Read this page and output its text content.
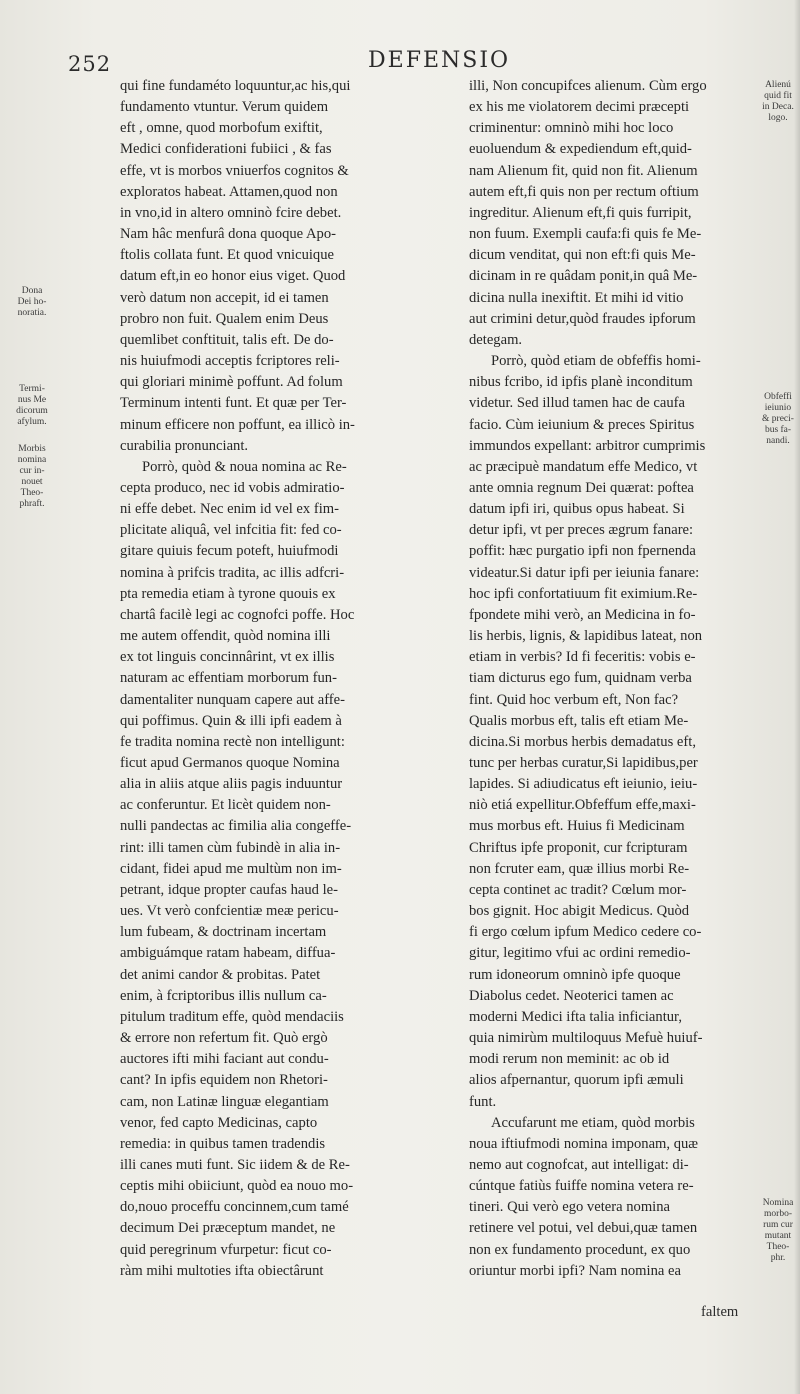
252	DEFENSIO
qui fine fundaméto loquuntur,ac his,qui
fundamento vtuntur. Verum quidem
eft , omne, quod morbofum exiftit,
Medici confiderationi fubiici , & fas
effe, vt is morbos vniuerfos cognitos &
exploratos habeat. Attamen,quod non
in vno,id in altero omninò fcire debet.
Nam hâc menfurâ dona quoque Apo-
ftolis collata funt. Et quod vnicuique
datum eft,in eo honor eius viget. Quod
verò datum non accepit, id ei tamen
probro non fuit. Qualem enim Deus
quemlibet conftituit, talis eft. De do-
nis huiufmodi acceptis fcriptores reli-
qui gloriari minimè poffunt. Ad folum
Terminum intenti funt. Et quæ per Ter-
minum efficere non poffunt, ea illicò in-
curabilia pronunciant.
Porrò, quòd & noua nomina ac Re-
cepta produco, nec id vobis admiratio-
ni effe debet. Nec enim id vel ex fim-
plicitate aliquâ, vel infcitia fit: fed co-
gitare quiuis fecum poteft, huiufmodi
nomina à prifcis tradita, ac illis adfcri-
pta remedia etiam à tyrone quouis ex
chartâ facilè legi ac cognofci poffe. Hoc
me autem offendit, quòd nomina illi
ex tot linguis concinnârint, vt ex illis
naturam ac effentiam morborum fun-
damentaliter nunquam capere aut affe-
qui poffimus. Quin & illi ipfi eadem à
fe tradita nomina rectè non intelligunt:
ficut apud Germanos quoque Nomina
alia in aliis atque aliis pagis induuntur
ac conferuntur. Et licèt quidem non-
nulli pandectas ac fimilia alia congeffe-
rint: illi tamen cùm fubindè in alia in-
cidant, fidei apud me multùm non im-
petrant, idque propter caufas haud le-
ues. Vt verò confcientiæ meæ pericu-
lum fubeam, & doctrinam incertam
ambiguámque ratam habeam, diffua-
det animi candor & probitas. Patet
enim, à fcriptoribus illis nullum ca-
pitulum traditum effe, quòd mendaciis
& errore non refertum fit. Quò ergò
auctores ifti mihi faciant aut condu-
cant? In ipfis equidem non Rhetori-
cam, non Latinæ linguæ elegantiam
venor, fed capto Medicinas, capto
remedia: in quibus tamen tradendis
illi canes muti funt. Sic iidem & de Re-
ceptis mihi obiiciunt, quòd ea nouo mo-
do,nouo proceffu concinnem,cum tamé
decimum Dei præceptum mandet, ne
quid peregrinum vfurpetur: ficut co-
ràm mihi multoties ifta obiectârunt
illi, Non concupifces alienum. Cùm ergo
ex his me violatorem decimi præcepti
criminentur: omninò mihi hoc loco
euoluendum & expediendum eft,quid-
nam Alienum fit, quid non fit. Alienum
autem eft,fi quis non per rectum oftium
ingreditur. Alienum eft,fi quis furripit,
non fuum. Exempli caufa:fi quis fe Me-
dicum venditat, qui non eft:fi quis Me-
dicinam in re quâdam ponit,in quâ Me-
dicina nulla inexiftit. Et mihi id vitio
aut crimini detur,quòd fraudes ipforum
detegam.
Porrò, quòd etiam de obfeffis homi-
nibus fcribo, id ipfis planè inconditum
videtur. Sed illud tamen hac de caufa
facio. Cùm ieiunium & preces Spiritus
immundos expellant: arbitror cumprimis
ac præcipuè mandatum effe Medico, vt
ante omnia regnum Dei quærat: poftea
datum ipfi iri, quibus opus habeat. Si
detur ipfi, vt per preces ægrum fanare:
poffit: hæc purgatio ipfi non fpernenda
videatur.Si datur ipfi per ieiunia fanare:
hoc ipfi confortatiuum fit eximium.Re-
fpondete mihi verò, an Medicina in fo-
lis herbis, lignis, & lapidibus lateat, non
etiam in verbis? Id fi feceritis: vobis e-
tiam dicturus ego fum, quidnam verba
fint. Quid hoc verbum eft, Non fac?
Qualis morbus eft, talis eft etiam Me-
dicina.Si morbus herbis demadatus eft,
tunc per herbas curatur,Si lapidibus,per
lapides. Si adiudicatus eft ieiunio, ieiu-
niò etiá expellitur.Obfeffum effe,maxi-
mus morbus eft. Huius fi Medicinam
Chriftus ipfe proponit, cur fcripturam
non fcruter eam, quæ illius morbi Re-
cepta continet ac tradit? Cœlum mor-
bos gignit. Hoc abigit Medicus. Quòd
fi ergo cœlum ipfum Medico cedere co-
gitur, legitimo vfui ac ordini remedio-
rum idoneorum omninò ipfe quoque
Diabolus cedet. Neoterici tamen ac
moderni Medici ifta talia inficiantur,
quia nimirùm multiloquus Mefuè huiuf-
modi rerum non meminit: ac ob id
alios afpernantur, quorum ipfi æmuli
funt.
Accufarunt me etiam, quòd morbis
noua iftiufmodi nomina imponam, quæ
nemo aut cognofcat, aut intelligat: di-
cúntque fatiùs fuiffe nomina vetera re-
tineri. Qui verò ego vetera nomina
retinere vel potui, vel debui,quæ tamen
non ex fundamento procedunt, ex quo
oriuntur morbi ipfi? Nam nomina ea
Dona
Dei ho-
noratia.
Termi-
nus Me
dicorum
afylum.
Morbis
nomina
cur in-
nouet
Theo-
phraft.
Alienú
quid fit
in Deca.
logo.
Obfeffi
ieiunio
& preci-
bus fa-
nandi.
Nomina
morbo-
rum cur
mutant
Theo-
phr.
faltem
